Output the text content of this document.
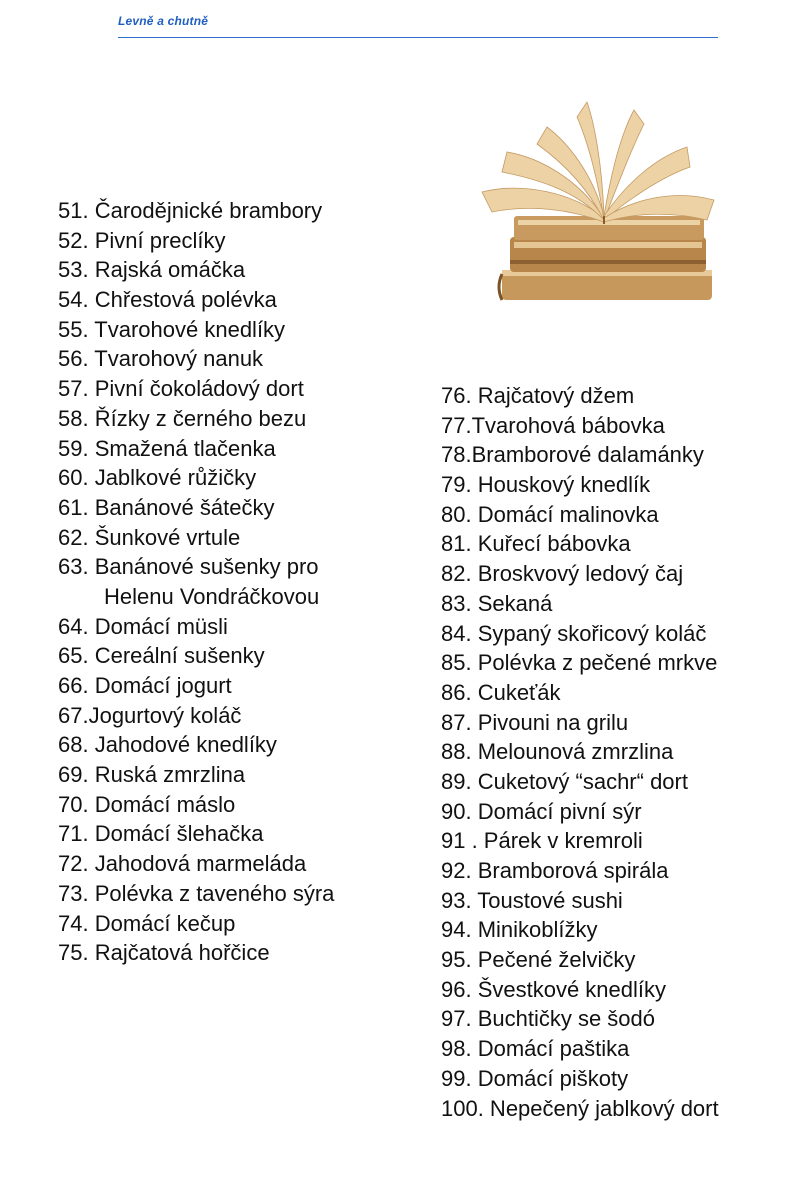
Levně a chutně
51. Čarodějnické brambory
52. Pivní preclíky
53. Rajská omáčka
54. Chřestová polévka
55. Tvarohové knedlíky
56. Tvarohový nanuk
57. Pivní čokoládový dort
58. Řízky z černého bezu
59. Smažená tlačenka
60. Jablkové růžičky
61. Banánové šátečky
62. Šunkové vrtule
63. Banánové sušenky pro
Helenu Vondráčkovou
64. Domácí müsli
65. Cereální sušenky
66. Domácí jogurt
67.Jogurtový koláč
68. Jahodové knedlíky
69. Ruská zmrzlina
70. Domácí máslo
71. Domácí šlehačka
72. Jahodová marmeláda
73. Polévka z taveného sýra
74. Domácí kečup
75. Rajčatová hořčice
76. Rajčatový džem
77.Tvarohová bábovka
78.Bramborové dalamánky
79. Houskový knedlík
80. Domácí malinovka
81. Kuřecí bábovka
82. Broskvový ledový čaj
83. Sekaná
84. Sypaný skořicový koláč
85. Polévka z pečené mrkve
86. Cukeťák
87. Pivouni na grilu
88. Melounová zmrzlina
89. Cuketový “sachr“ dort
90. Domácí pivní sýr
91 . Párek v kremroli
92. Bramborová spirála
93. Toustové sushi
94. Minikoblížky
95. Pečené želvičky
96. Švestkové knedlíky
97. Buchtičky se šodó
98. Domácí paštika
99. Domácí piškoty
100. Nepečený jablkový dort
